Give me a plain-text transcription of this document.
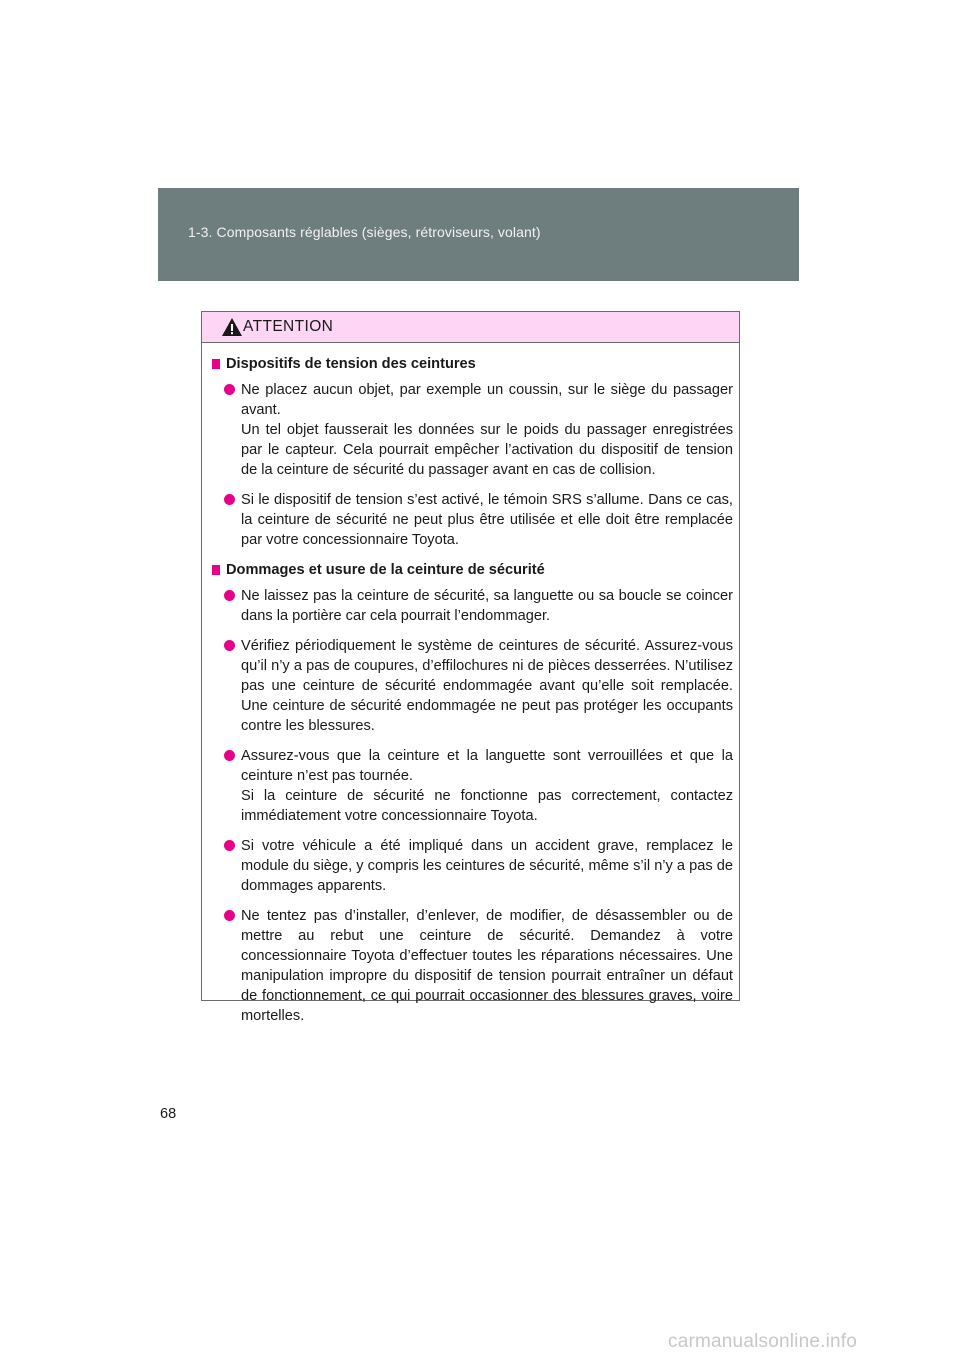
1-3. Composants réglables (sièges, rétroviseurs, volant)
ATTENTION
Dispositifs de tension des ceintures

Ne placez aucun objet, par exemple un coussin, sur le siège du passager avant.

Un tel objet fausserait les données sur le poids du passager enregistrées par le capteur. Cela pourrait empêcher l’activation du dispositif de tension de la ceinture de sécurité du passager avant en cas de collision.

Si le dispositif de tension s’est activé, le témoin SRS s’allume. Dans ce cas, la ceinture de sécurité ne peut plus être utilisée et elle doit être remplacée par votre concessionnaire Toyota.

Dommages et usure de la ceinture de sécurité

Ne laissez pas la ceinture de sécurité, sa languette ou sa boucle se coincer dans la portière car cela pourrait l’endommager.

Vérifiez périodiquement le système de ceintures de sécurité. Assurez-vous qu’il n’y a pas de coupures, d’effilochures ni de pièces desserrées. N’utilisez pas une ceinture de sécurité endommagée avant qu’elle soit remplacée. Une ceinture de sécurité endommagée ne peut pas protéger les occupants contre les blessures.

Assurez-vous que la ceinture et la languette sont verrouillées et que la ceinture n’est pas tournée.

Si la ceinture de sécurité ne fonctionne pas correctement, contactez immédiatement votre concessionnaire Toyota.

Si votre véhicule a été impliqué dans un accident grave, remplacez le module du siège, y compris les ceintures de sécurité, même s’il n’y a pas de dommages apparents.

Ne tentez pas d’installer, d’enlever, de modifier, de désassembler ou de mettre au rebut une ceinture de sécurité. Demandez à votre concessionnaire Toyota d’effectuer toutes les réparations nécessaires. Une manipulation impropre du dispositif de tension pourrait entraîner un défaut de fonctionnement, ce qui pourrait occasionner des blessures graves, voire mortelles.

68
carmanualsonline.info
